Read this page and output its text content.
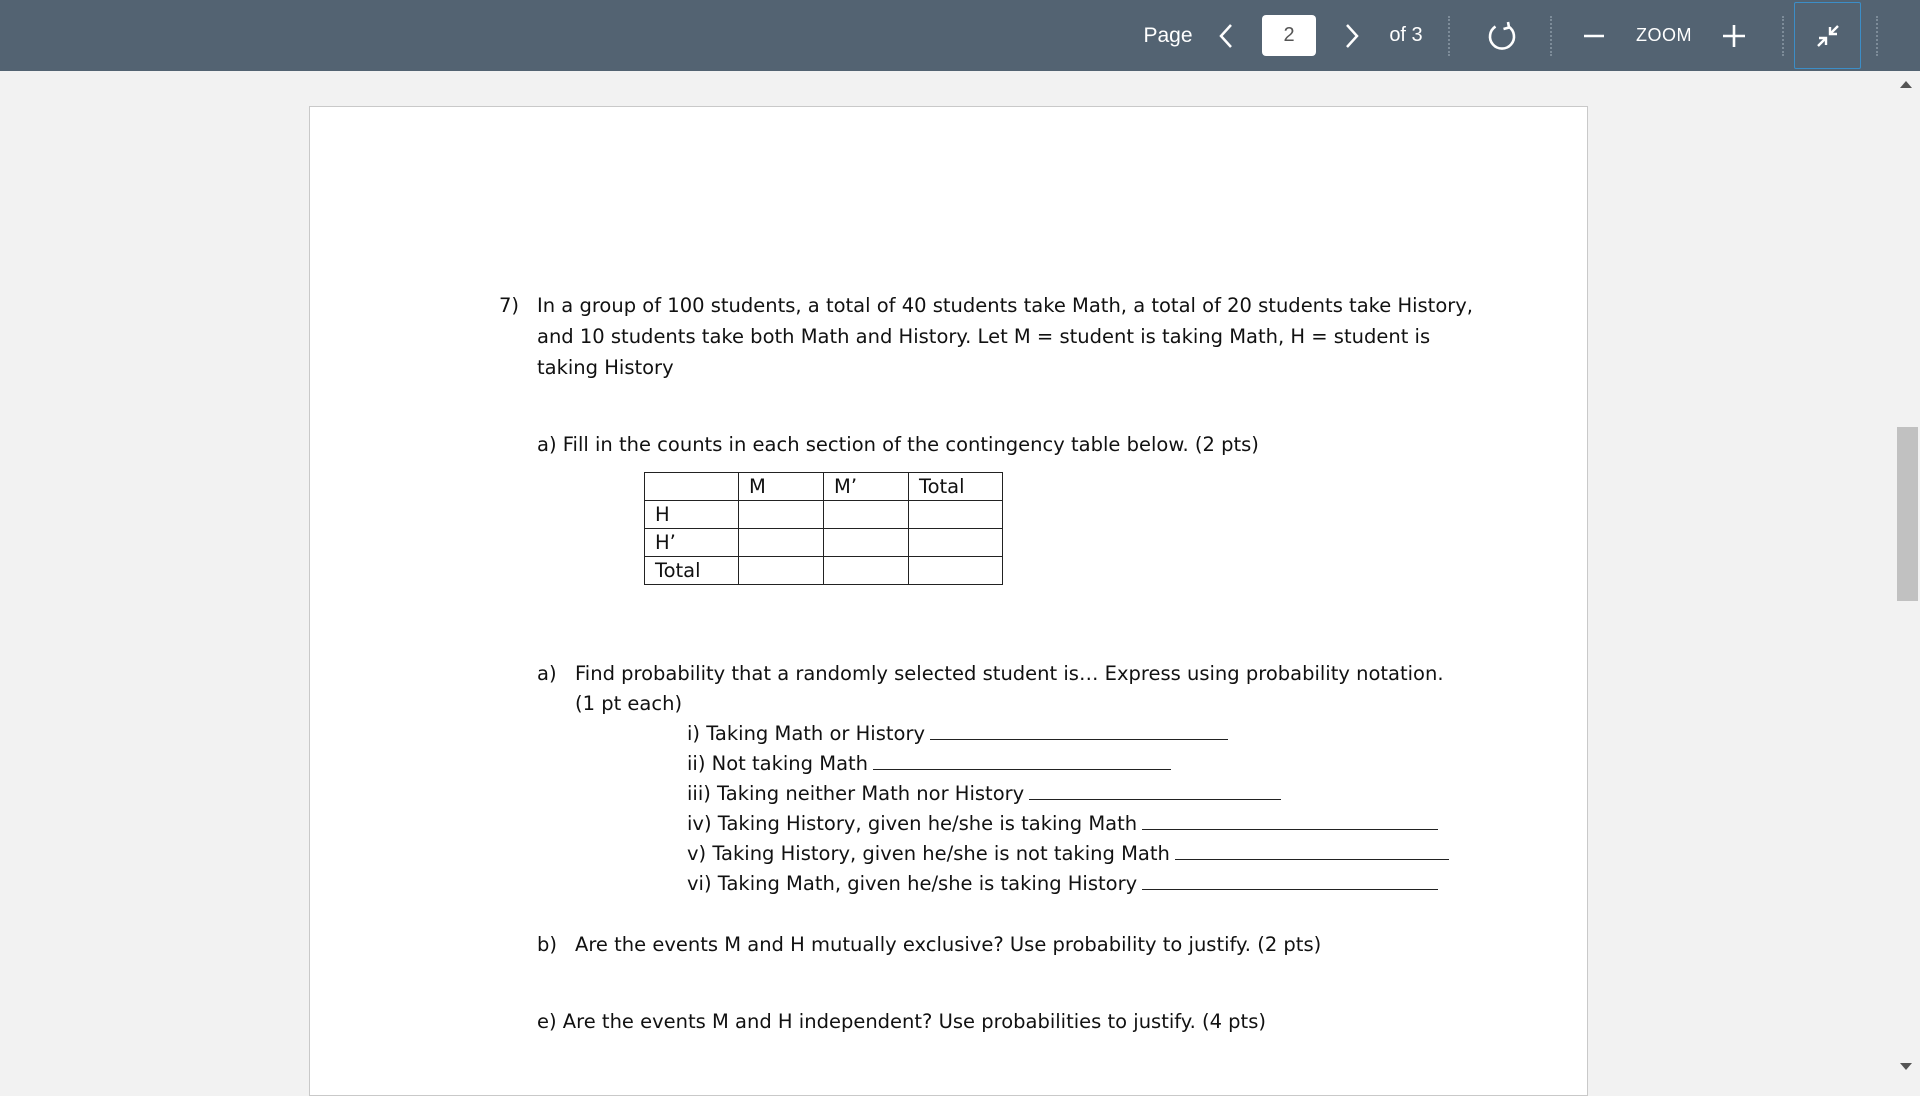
Page
2	of 3	ZOOM
7) In a group of 100 students, a total of 40 students take Math, a total of 20 students take History,
and 10 students take both Math and History. Let M = student is taking Math, H = student is
taking History
a) Fill in the counts in each section of the contingency table below. (2 pts)
	M	M’	Total
H			
H’			
Total			
a) Find probability that a randomly selected student is… Express using probability notation.
(1 pt each)
i) Taking Math or History
ii) Not taking Math
iii) Taking neither Math nor History
iv) Taking History, given he/she is taking Math
v) Taking History, given he/she is not taking Math
vi) Taking Math, given he/she is taking History
b) Are the events M and H mutually exclusive? Use probability to justify. (2 pts)
e) Are the events M and H independent? Use probabilities to justify. (4 pts)
